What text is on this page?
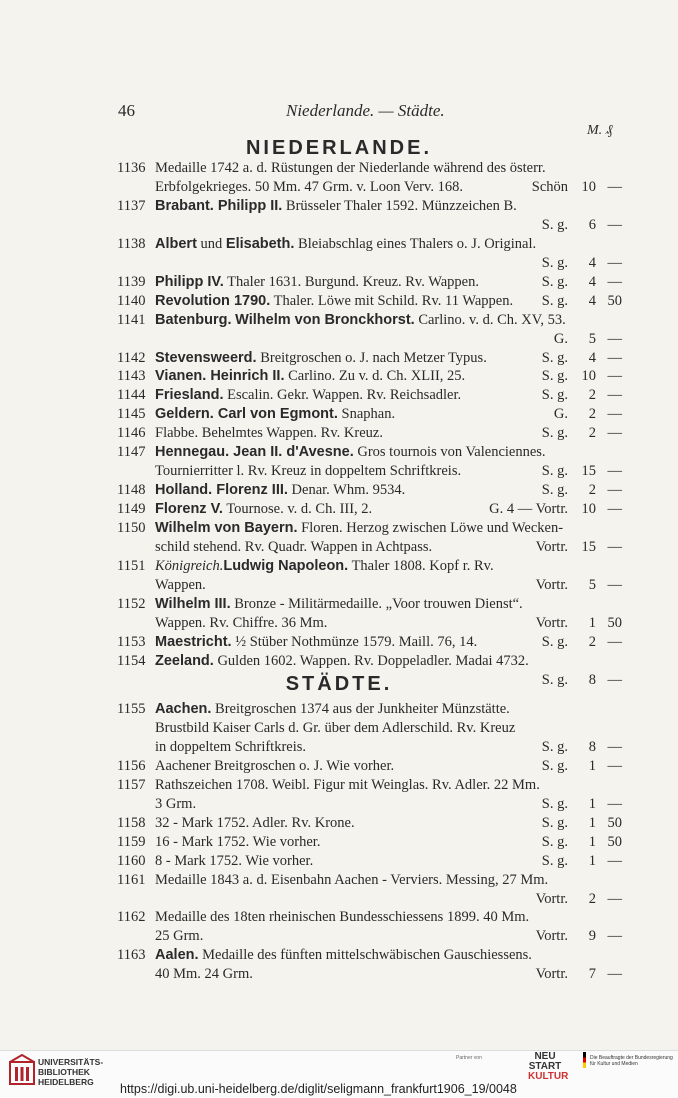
46	Niederlande. — Städte.
M. ₰
NIEDERLANDE.
STÄDTE.
1136 Medaille 1742 a. d. Rüstungen der Niederlande während des österr.
Erbfolgekrieges. 50 Mm. 47 Grm. v. Loon Verv. 168.	Schön 10 —
1137 Brabant. Philipp II. Brüsseler Thaler 1592. Münzzeichen B.
S. g.	6 —
1138 Albert und Elisabeth. Bleiabschlag eines Thalers o. J. Original.
S. g.	4 —
1139 Philipp IV. Thaler 1631. Burgund. Kreuz. Rv. Wappen.	S. g.	4 —
1140 Revolution 1790. Thaler. Löwe mit Schild. Rv. 11 Wappen. S. g.	4 50
1141 Batenburg. Wilhelm von Bronckhorst. Carlino. v. d. Ch. XV, 53.
G.	5 —
1142 Stevensweerd. Breitgroschen o. J. nach Metzer Typus.	S. g.	4 —
1143 Vianen. Heinrich II. Carlino. Zu v. d. Ch. XLII, 25.	S. g. 10 —
1144 Friesland. Escalin. Gekr. Wappen. Rv. Reichsadler.	S. g.	2 —
1145 Geldern. Carl von Egmont. Snaphan.	G.	2 —
1146 Flabbe. Behelmtes Wappen. Rv. Kreuz.	S. g.	2 —
1147 Hennegau. Jean II. d'Avesne. Gros tournois von Valenciennes.
Tournierritter l. Rv. Kreuz in doppeltem Schriftkreis.	S. g. 15 —
1148 Holland. Florenz III. Denar. Whm. 9534.	S. g.	2 —
1149 Florenz V. Tournose. v. d. Ch. III, 2.	G. 4 — Vortr. 10 —
1150 Wilhelm von Bayern. Floren. Herzog zwischen Löwe und Wecken-
schild stehend. Rv. Quadr. Wappen in Achtpass.	Vortr. 15 —
1151 Königreich.Ludwig Napoleon. Thaler 1808. Kopf r. Rv.
Wappen.	Vortr.	5 —
1152 Wilhelm III. Bronze - Militärmedaille. „Voor trouwen Dienst“.
Wappen. Rv. Chiffre. 36 Mm.	Vortr.	1 50
1153 Maestricht. ½ Stüber Nothmünze 1579. Maill. 76, 14.	S. g.	2 —
1154 Zeeland. Gulden 1602. Wappen. Rv. Doppeladler. Madai 4732.
S. g.	8 —
1155 Aachen. Breitgroschen 1374 aus der Junkheiter Münzstätte.
Brustbild Kaiser Carls d. Gr. über dem Adlerschild. Rv. Kreuz
in doppeltem Schriftkreis.	S. g.	8 —
1156 Aachener Breitgroschen o. J. Wie vorher.	S. g.	1 —
1157 Rathszeichen 1708. Weibl. Figur mit Weinglas. Rv. Adler. 22 Mm.
3 Grm.	S. g.	1 —
1158 32 - Mark 1752. Adler. Rv. Krone.	S. g.	1 50
1159 16 - Mark 1752. Wie vorher.	S. g.	1 50
1160 8 - Mark 1752. Wie vorher.	S. g.	1 —
1161 Medaille 1843 a. d. Eisenbahn Aachen - Verviers. Messing, 27 Mm.
Vortr.	2 —
1162 Medaille des 18ten rheinischen Bundesschiessens 1899. 40 Mm.
25 Grm.	Vortr.	9 —
1163 Aalen. Medaille des fünften mittelschwäbischen Gauschiessens.
40 Mm. 24 Grm.	Vortr.	7 —
UNIVERSITÄTS-
BIBLIOTHEK
HEIDELBERG	https://digi.ub.uni-heidelberg.de/diglit/seligmann_frankfurt1906_19/0048
Partner von	NEU
START
KULTUR
Die Beauftragte der Bundesregierung für Kultur und Medien
